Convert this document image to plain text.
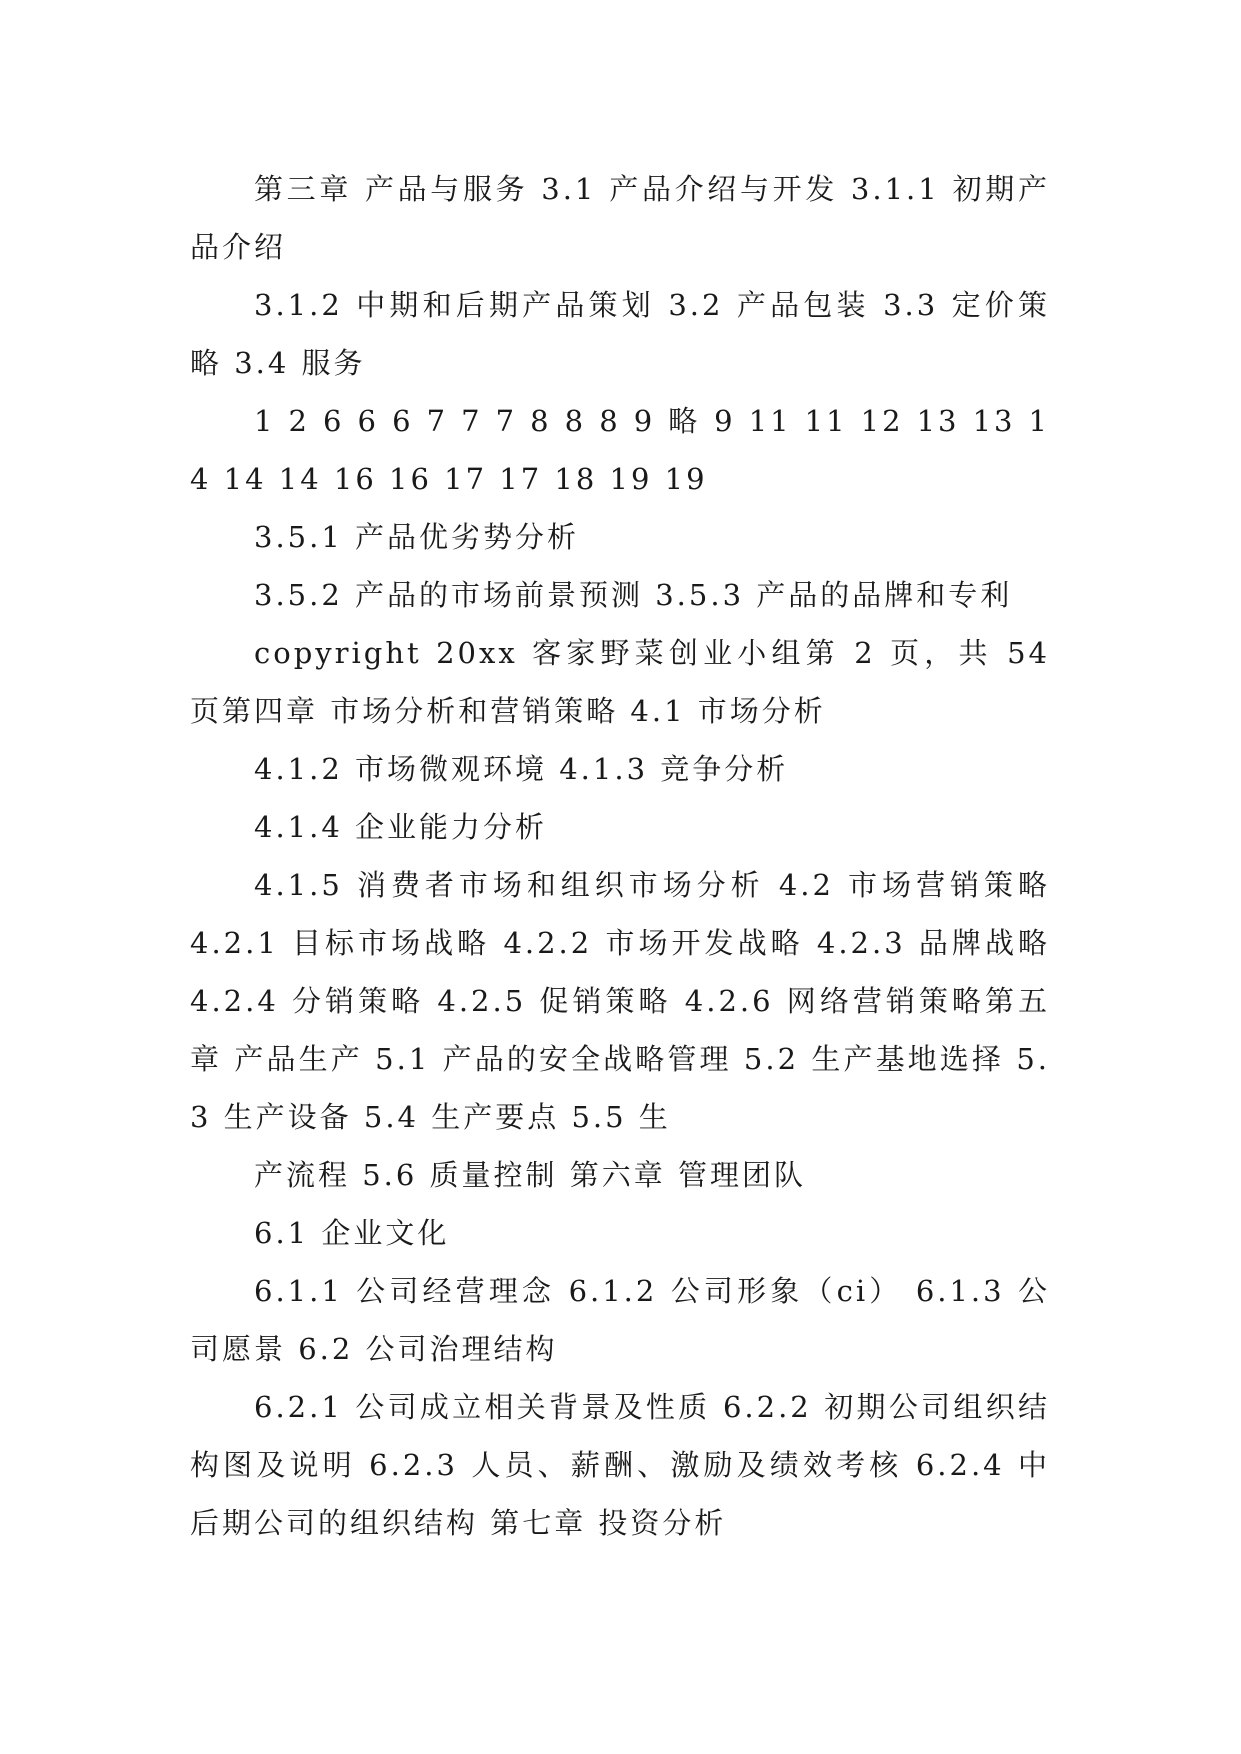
第三章 产品与服务 3.1 产品介绍与开发 3.1.1 初期产品介绍

3.1.2 中期和后期产品策划 3.2 产品包装 3.3 定价策略 3.4 服务

1 2 6 6 6 7 7 7 8 8 8 9 略 9 11 11 12 13 13 14 14 14 16 16 17 17 18 19 19

3.5.1 产品优劣势分析

3.5.2 产品的市场前景预测 3.5.3 产品的品牌和专利

copyright 20xx 客家野菜创业小组第 2 页，共 54 页第四章 市场分析和营销策略 4.1 市场分析

4.1.2 市场微观环境 4.1.3 竞争分析

4.1.4 企业能力分析

4.1.5 消费者市场和组织市场分析 4.2 市场营销策略 4.2.1 目标市场战略 4.2.2 市场开发战略 4.2.3 品牌战略 4.2.4 分销策略 4.2.5 促销策略 4.2.6 网络营销策略第五章 产品生产 5.1 产品的安全战略管理 5.2 生产基地选择 5.3 生产设备 5.4 生产要点 5.5 生

产流程 5.6 质量控制 第六章 管理团队

6.1 企业文化

6.1.1 公司经营理念 6.1.2 公司形象（ci） 6.1.3 公司愿景 6.2 公司治理结构

6.2.1 公司成立相关背景及性质 6.2.2 初期公司组织结构图及说明 6.2.3 人员、薪酬、激励及绩效考核 6.2.4 中后期公司的组织结构 第七章 投资分析
